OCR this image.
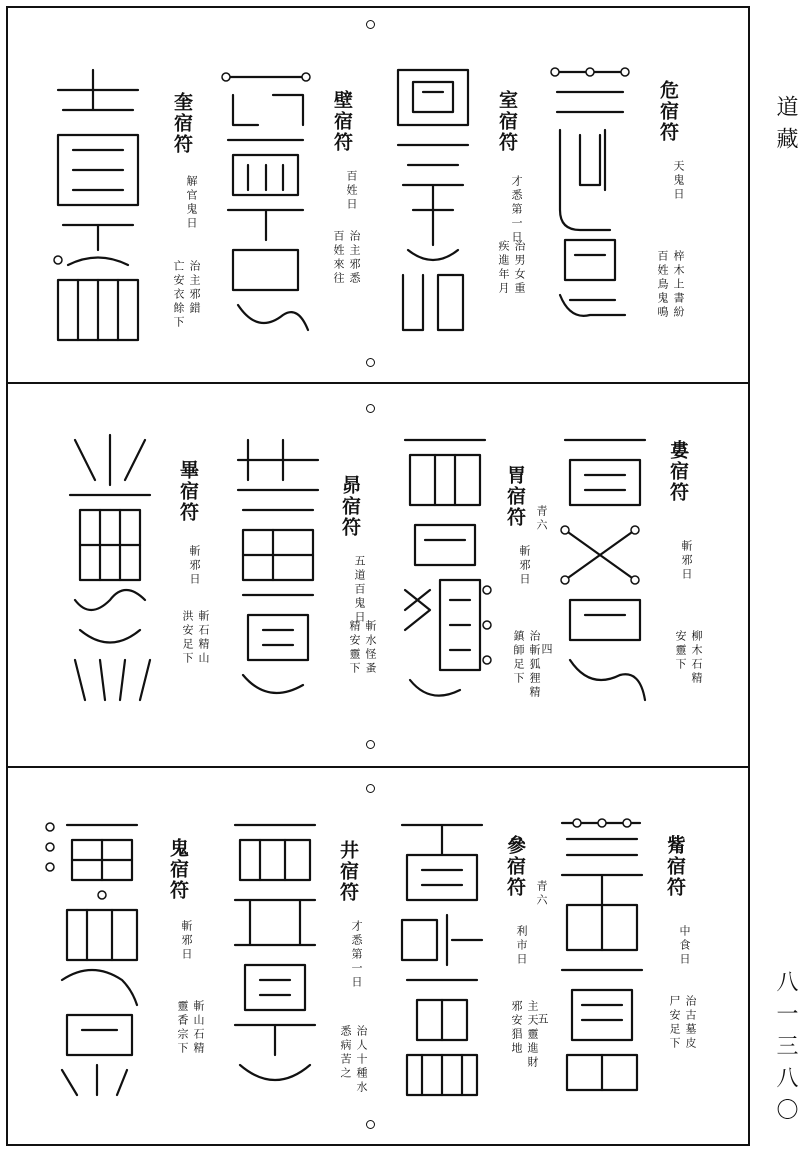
道藏
八一三八〇
危宿符
天鬼日
梓木上書紛
百姓鳥鬼鳴
室宿符
才悉第一日
治男女重
疾進年月
壁宿符
百姓日
治主邪悉
百姓來往
奎宿符
解官鬼日
治主邪錯
亡安衣餘下
婁宿符
斬邪日
柳木石精
安靈下
胃宿符 青六
斬邪日
治斬狐狸精
鎮師足下 四
昴宿符
五道百鬼日
斬水怪蚤
精安靈下
畢宿符
斬邪日
斬石精山
洪安足下
觜宿符
中食日
治古墓皮
尸安足下
參宿符 青六
利市日
主天靈進財
邪安猖地 五
井宿符
才悉第一日
治人十種水
悉病苦之
鬼宿符
斬邪日
斬山石精
靈香宗下
